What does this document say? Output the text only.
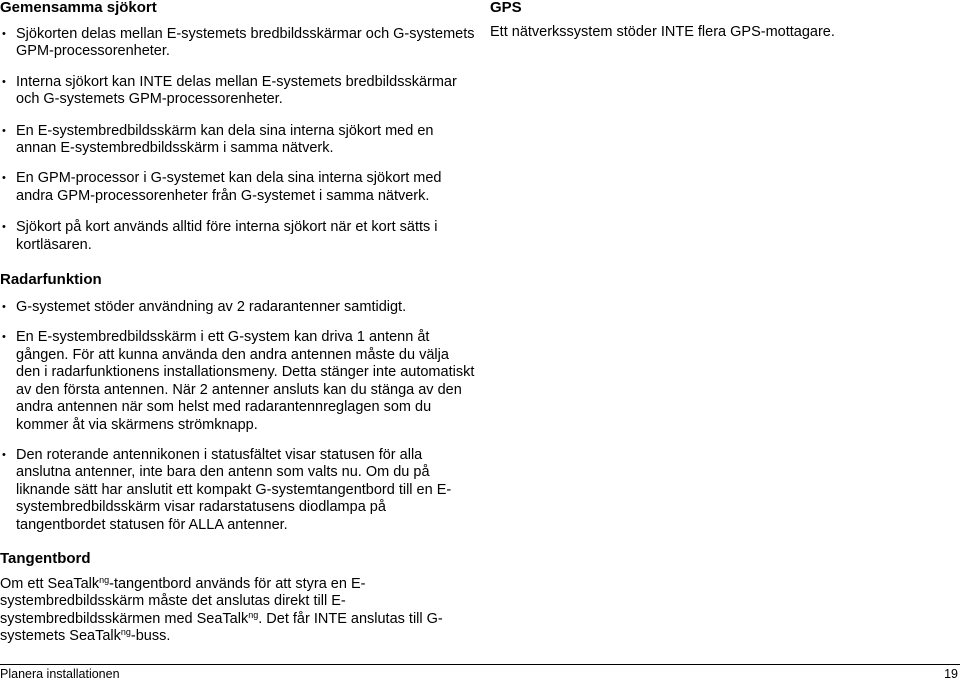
Gemensamma sjökort
• Sjökorten delas mellan E-systemets bredbildsskärmar och G-systemets GPM-processorenheter.
• Interna sjökort kan INTE delas mellan E-systemets bredbildsskärmar och G-systemets GPM-processorenheter.
• En E-systembredbildsskärm kan dela sina interna sjökort med en annan E-systembredbildsskärm i samma nätverk.
• En GPM-processor i G-systemet kan dela sina interna sjökort med andra GPM-processorenheter från G-systemet i samma nätverk.
• Sjökort på kort används alltid före interna sjökort när et kort sätts i kortläsaren.
Radarfunktion
• G-systemet stöder användning av 2 radarantenner samtidigt.
• En E-systembredbildsskärm i ett G-system kan driva 1 antenn åt gången. För att kunna använda den andra antennen måste du välja den i radarfunktionens installationsmeny. Detta stänger inte automatiskt av den första antennen. När 2 antenner ansluts kan du stänga av den andra antennen när som helst med radarantennreglagen som du kommer åt via skärmens strömknapp.
• Den roterande antennikonen i statusfältet visar statusen för alla anslutna antenner, inte bara den antenn som valts nu. Om du på liknande sätt har anslutit ett kompakt G-systemtangentbord till en E-systembredbildsskärm visar radarstatusens diodlampa på tangentbordet statusen för ALLA antenner.
Tangentbord

Om ett SeaTalk$^{ng}$-tangentbord används för att styra en E-systembredbildsskärm måste det anslutas direkt till E-systembredbildsskärmen med SeaTalk$^{ng}$. Det får INTE anslutas till G-systemets SeaTalk$^{ng}$-buss.

GPS

Ett nätverkssystem stöder INTE flera GPS-mottagare.

Planera installationen	19
